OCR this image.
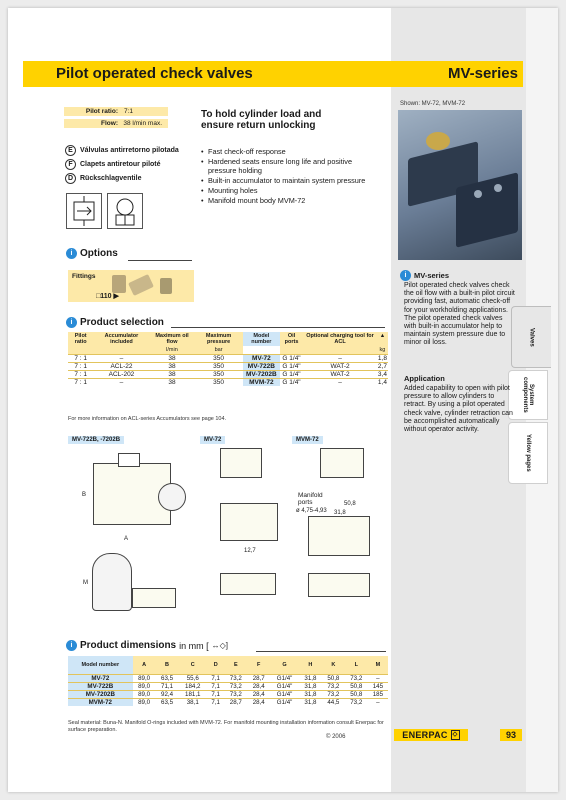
Valves
System
components
Yellow pages
Pilot operated check valves	MV-series
Pilot ratio: 7:1
Flow: 38 l/min max.
To hold cylinder load and ensure return unlocking
E	Válvulas antirretorno pilotada
F	Clapets antiretour piloté
D Rückschlagventile
• Fast check-off response
• Hardened seats ensure long life and positive pressure holding
• Built-in accumulator to maintain system pressure
• Mounting holes
• Manifold mount body MVM-72
i Options
Fittings
□110 ▶
i Product selection
Pilot ratio	Accumulator included	Maximum oil flow	Maximum pressure	Model number	Oil ports	Optional charging tool for ACL	▲
		l/min	bar				kg
7 : 1	–	38	350	MV-72	G 1/4"	–	1,8
7 : 1	ACL-22	38	350	MV-722B	G 1/4"	WAT-2	2,7
7 : 1	ACL-202	38	350	MV-7202B	G 1/4"	WAT-2	3,4
7 : 1	–	38	350	MVM-72	G 1/4"	–	1,4
For more information on ACL-series Accumulators see page 104.
MV-722B, -7202B	MV-72	MVM-72
A
B
M
12,7
Manifold ports
ø 4,75-4,93
50,8
31,8
i Product dimensions in mm [ ↔◇]
Model number	A	B	C	D	E	F	G	H	K	L	M
MV-72	89,0	63,5	55,6	7,1	73,2	28,7	G1/4"	31,8	50,8	73,2	–
MV-722B	89,0	71,1	184,2	7,1	73,2	28,4	G1/4"	31,8	73,2	50,8	145
MV-7202B	89,0	92,4	181,1	7,1	73,2	28,4	G1/4"	31,8	73,2	50,8	185
MVM-72	89,0	63,5	38,1	7,1	28,7	28,4	G1/4"	31,8	44,5	73,2	–
Seal material: Buna-N. Manifold O-rings included with MVM-72. For manifold mounting installation information consult Enerpac for surface preparation.
© 2006
Shown: MV-72, MVM-72
i	MV-series
Pilot operated check valves check the oil flow with a built-in pilot circuit providing fast, automatic check-off for your workholding applications. The pilot operated check valves with built-in accumulator help to maintain system pressure due to minor oil loss.
Application
Added capability to open with pilot pressure to allow cylinders to retract. By using a pilot operated check valve, cylinder retraction can be accomplished automatically without operator activity.
ENERPAC
⬦	93
